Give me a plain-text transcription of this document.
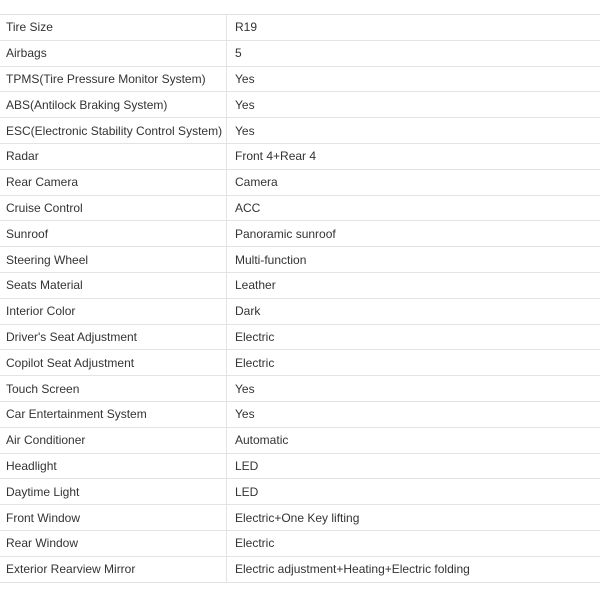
Tire Size	R19
Airbags	5
TPMS(Tire Pressure Monitor System)	Yes
ABS(Antilock Braking System)	Yes
ESC(Electronic Stability Control System)	Yes
Radar	Front 4+Rear 4
Rear Camera	Camera
Cruise Control	ACC
Sunroof	Panoramic sunroof
Steering Wheel	Multi-function
Seats Material	Leather
Interior Color	Dark
Driver's Seat Adjustment	Electric
Copilot Seat Adjustment	Electric
Touch Screen	Yes
Car Entertainment System	Yes
Air Conditioner	Automatic
Headlight	LED
Daytime Light	LED
Front Window	Electric+One Key lifting
Rear Window	Electric
Exterior Rearview Mirror	Electric adjustment+Heating+Electric folding
